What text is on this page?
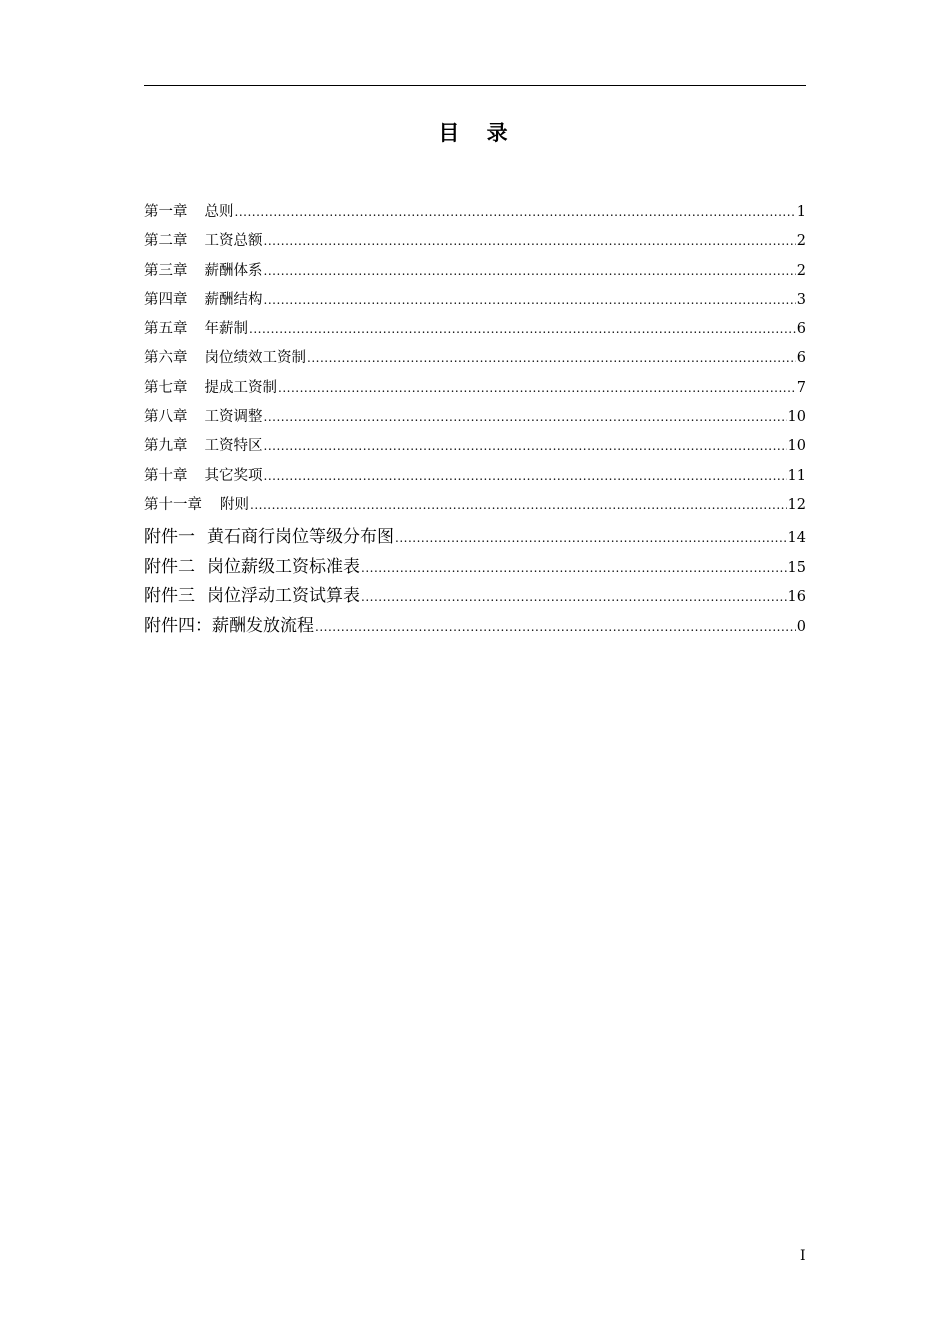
目 录
第一章 总则 .....	1
第二章 工资总额 .....	2
第三章 薪酬体系 .....	2
第四章 薪酬结构 .....	3
第五章 年薪制 .....	6
第六章 岗位绩效工资制 .....	6
第七章 提成工资制 .....	7
第八章 工资调整 .....	10
第九章 工资特区 .....	10
第十章 其它奖项 .....	11
第十一章 附则 .....	12
附件一 黄石商行岗位等级分布图 .....	14
附件二 岗位薪级工资标准表 .....	15
附件三 岗位浮动工资试算表 .....	16
附件四： 薪酬发放流程 .....	0
I
